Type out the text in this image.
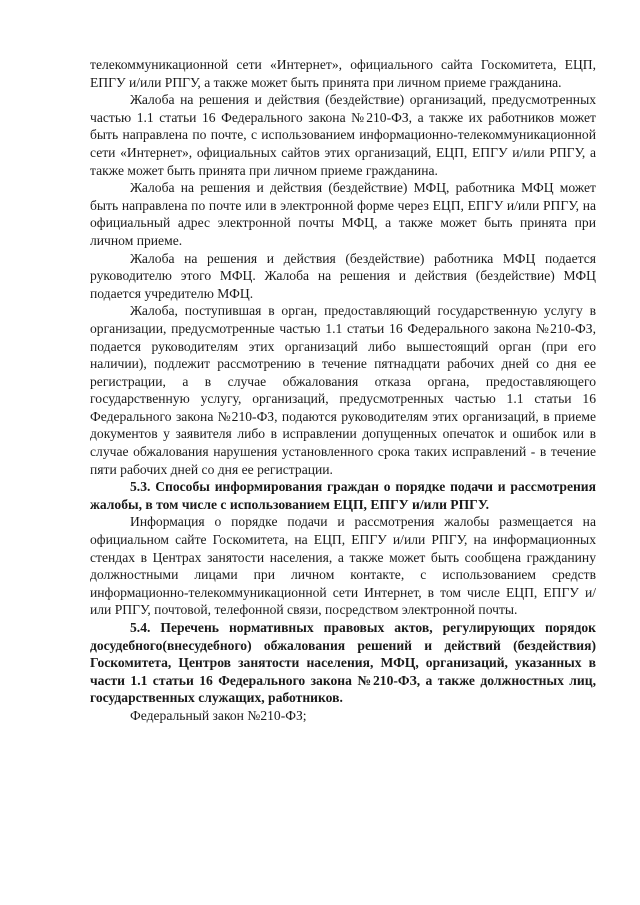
телекоммуникационной сети «Интернет», официального сайта Госкомитета, ЕЦП, ЕПГУ и/или РПГУ, а также может быть принята при личном приеме гражданина.

Жалоба на решения и действия (бездействие) организаций, предусмотренных частью 1.1 статьи 16 Федерального закона №210-ФЗ, а также их работников может быть направлена по почте, с использованием информационно-телекоммуникационной сети «Интернет», официальных сайтов этих организаций, ЕЦП, ЕПГУ и/или РПГУ, а также может быть принята при личном приеме гражданина.

Жалоба на решения и действия (бездействие) МФЦ, работника МФЦ может быть направлена по почте или в электронной форме через ЕЦП, ЕПГУ и/или РПГУ, на официальный адрес электронной почты МФЦ, а также может быть принята при личном приеме.

Жалоба на решения и действия (бездействие) работника МФЦ подается руководителю этого МФЦ. Жалоба на решения и действия (бездействие) МФЦ подается учредителю МФЦ.

Жалоба, поступившая в орган, предоставляющий государственную услугу в организации, предусмотренные частью 1.1 статьи 16 Федерального закона №210-ФЗ, подается руководителям этих организаций либо вышестоящий орган (при его наличии), подлежит рассмотрению в течение пятнадцати рабочих дней со дня ее регистрации, а в случае обжалования отказа органа, предоставляющего государственную услугу, организаций, предусмотренных частью 1.1 статьи 16 Федерального закона №210-ФЗ, подаются руководителям этих организаций, в приеме документов у заявителя либо в исправлении допущенных опечаток и ошибок или в случае обжалования нарушения установленного срока таких исправлений - в течение пяти рабочих дней со дня ее регистрации.

5.3. Способы информирования граждан о порядке подачи и рассмотрения жалобы, в том числе с использованием ЕЦП, ЕПГУ и/или РПГУ.

Информация о порядке подачи и рассмотрения жалобы размещается на официальном сайте Госкомитета, на ЕЦП, ЕПГУ и/или РПГУ, на информационных стендах в Центрах занятости населения, а также может быть сообщена гражданину должностными лицами при личном контакте, с использованием средств информационно-телекоммуникационной сети Интернет, в том числе ЕЦП, ЕПГУ и/или РПГУ, почтовой, телефонной связи, посредством электронной почты.

5.4. Перечень нормативных правовых актов, регулирующих порядок досудебного(внесудебного) обжалования решений и действий (бездействия) Госкомитета, Центров занятости населения, МФЦ, организаций, указанных в части 1.1 статьи 16 Федерального закона №210-ФЗ, а также должностных лиц, государственных служащих, работников.

Федеральный закон №210-ФЗ;
